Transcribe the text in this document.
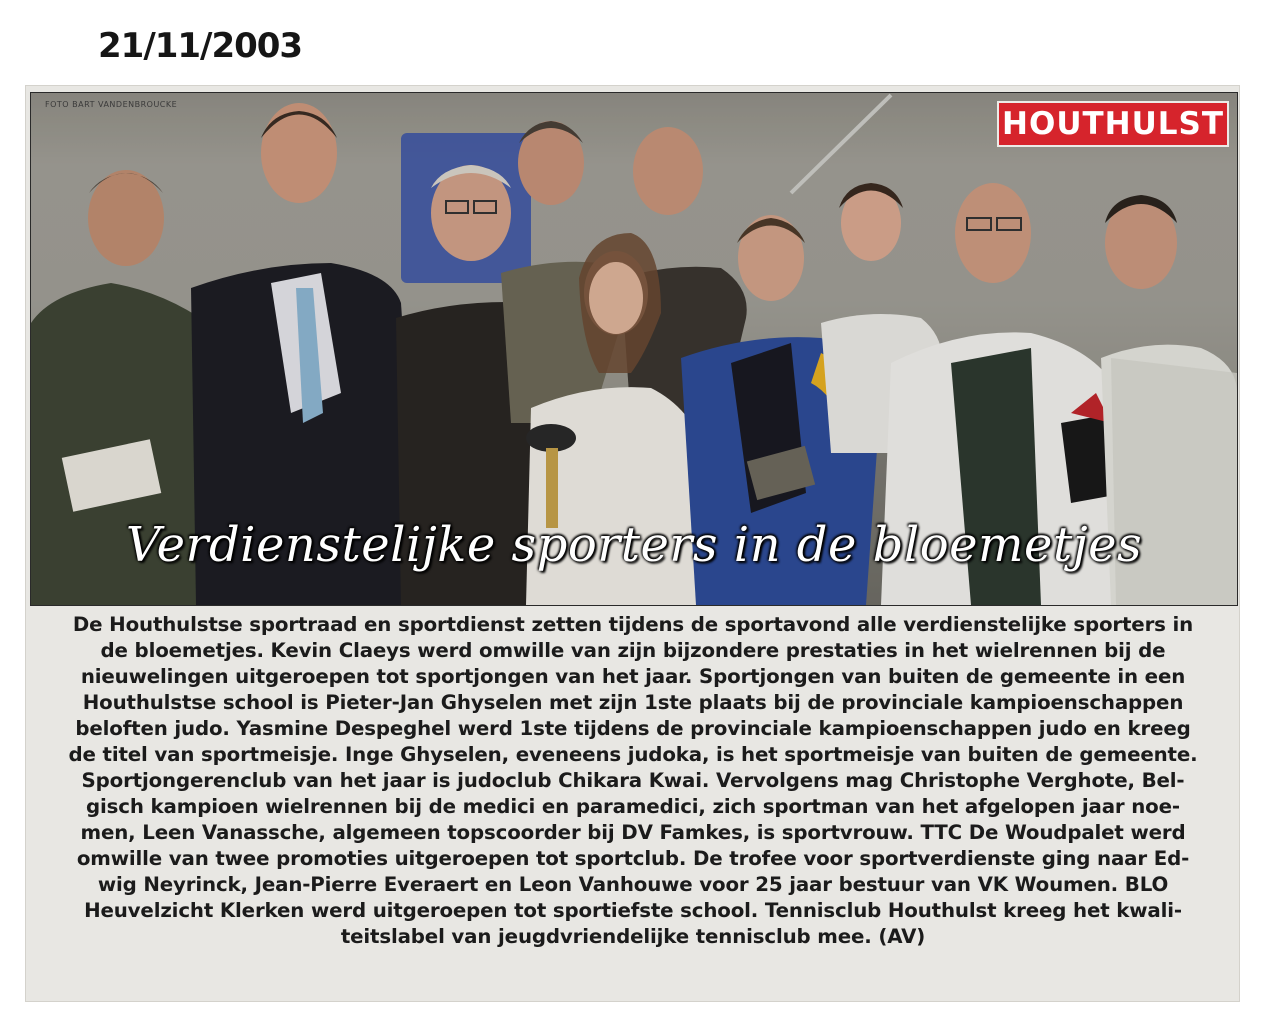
21/11/2003
FOTO BART VANDENBROUCKE
HOUTHULST
Verdienstelijke sporters in de bloemetjes
De Houthulstse sportraad en sportdienst zetten tijdens de sportavond alle verdienstelijke sporters in
de bloemetjes. Kevin Claeys werd omwille van zijn bijzondere prestaties in het wielrennen bij de
nieuwelingen uitgeroepen tot sportjongen van het jaar. Sportjongen van buiten de gemeente in een
Houthulstse school is Pieter-Jan Ghyselen met zijn 1ste plaats bij de provinciale kampioenschappen
beloften judo. Yasmine Despeghel werd 1ste tijdens de provinciale kampioenschappen judo en kreeg
de titel van sportmeisje. Inge Ghyselen, eveneens judoka, is het sportmeisje van buiten de gemeente.
Sportjongerenclub van het jaar is judoclub Chikara Kwai. Vervolgens mag Christophe Verghote, Bel-
gisch kampioen wielrennen bij de medici en paramedici, zich sportman van het afgelopen jaar noe-
men, Leen Vanassche, algemeen topscoorder bij DV Famkes, is sportvrouw. TTC De Woudpalet werd
omwille van twee promoties uitgeroepen tot sportclub. De trofee voor sportverdienste ging naar Ed-
wig Neyrinck, Jean-Pierre Everaert en Leon Vanhouwe voor 25 jaar bestuur van VK Woumen. BLO
Heuvelzicht Klerken werd uitgeroepen tot sportiefste school. Tennisclub Houthulst kreeg het kwali-
teitslabel van jeugdvriendelijke tennisclub mee. (AV)
